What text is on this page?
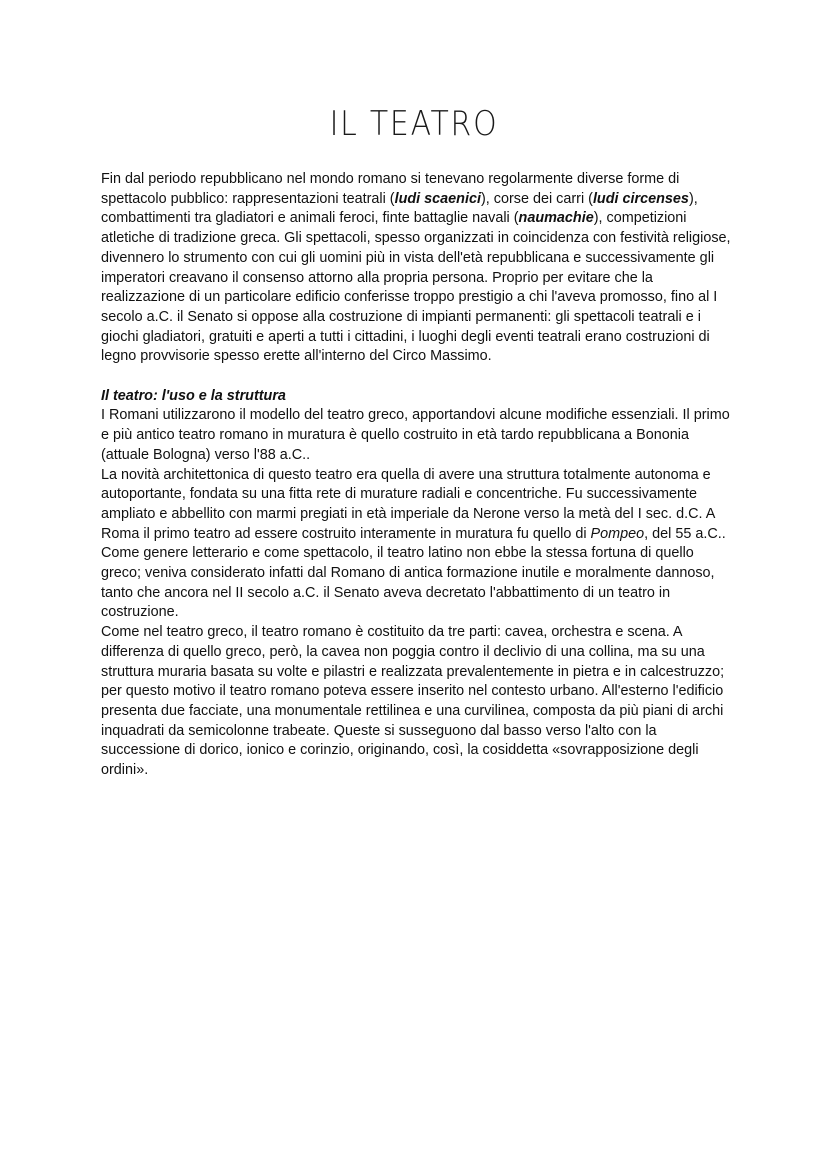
IL TEATRO

Fin dal periodo repubblicano nel mondo romano si tenevano regolarmente diverse forme di spettacolo pubblico: rappresentazioni teatrali (ludi scaenici), corse dei carri (ludi circenses), combattimenti tra gladiatori e animali feroci, finte battaglie navali (naumachie), competizioni atletiche di tradizione greca. Gli spettacoli, spesso organizzati in coincidenza con festività religiose, divennero lo strumento con cui gli uomini più in vista dell'età repubblicana e successivamente gli imperatori creavano il consenso attorno alla propria persona. Proprio per evitare che la realizzazione di un particolare edificio conferisse troppo prestigio a chi l'aveva promosso, fino al I secolo a.C. il Senato si oppose alla costruzione di impianti permanenti: gli spettacoli teatrali e i giochi gladiatori, gratuiti e aperti a tutti i cittadini, i luoghi degli eventi teatrali erano costruzioni di legno provvisorie spesso erette all'interno del Circo Massimo.

Il teatro: l'uso e la struttura

I Romani utilizzarono il modello del teatro greco, apportandovi alcune modifiche essenziali. Il primo e più antico teatro romano in muratura è quello costruito in età tardo repubblicana a Bononia (attuale Bologna) verso l'88 a.C..

La novità architettonica di questo teatro era quella di avere una struttura totalmente autonoma e autoportante, fondata su una fitta rete di murature radiali e concentriche. Fu successivamente ampliato e abbellito con marmi pregiati in età imperiale da Nerone verso la metà del I sec. d.C. A Roma il primo teatro ad essere costruito interamente in muratura fu quello di Pompeo, del 55 a.C..

Come genere letterario e come spettacolo, il teatro latino non ebbe la stessa fortuna di quello greco; veniva considerato infatti dal Romano di antica formazione inutile e moralmente dannoso, tanto che ancora nel II secolo a.C. il Senato aveva decretato l'abbattimento di un teatro in costruzione.

Come nel teatro greco, il teatro romano è costituito da tre parti: cavea, orchestra e scena. A differenza di quello greco, però, la cavea non poggia contro il declivio di una collina, ma su una struttura muraria basata su volte e pilastri e realizzata prevalentemente in pietra e in calcestruzzo; per questo motivo il teatro romano poteva essere inserito nel contesto urbano. All'esterno l'edificio presenta due facciate, una monumentale rettilinea e una curvilinea, composta da più piani di archi inquadrati da semicolonne trabeate. Queste si susseguono dal basso verso l'alto con la successione di dorico, ionico e corinzio, originando, così, la cosiddetta «sovrapposizione degli ordini».
